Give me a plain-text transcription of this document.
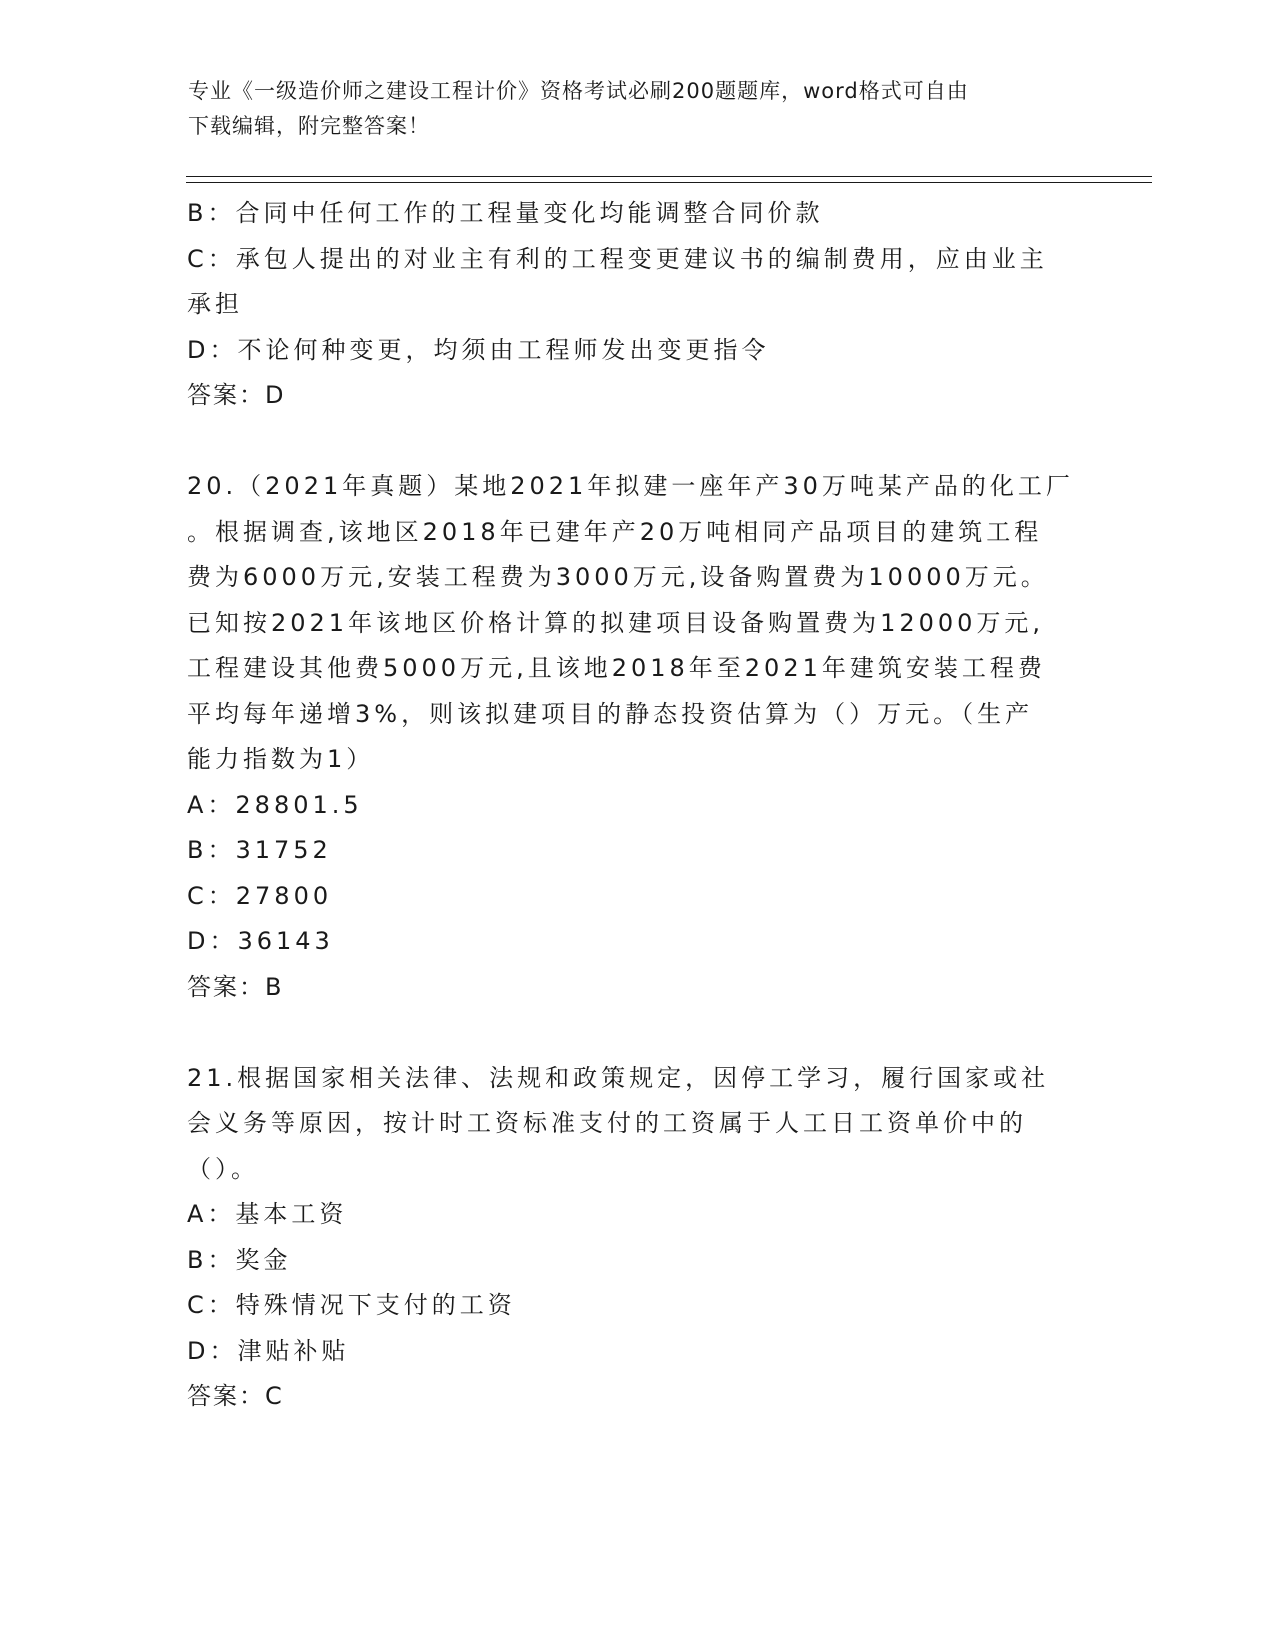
专业《一级造价师之建设工程计价》资格考试必刷200题题库，word格式可自由
下载编辑，附完整答案！

B：合同中任何工作的工程量变化均能调整合同价款

C：承包人提出的对业主有利的工程变更建议书的编制费用，应由业主

承担

D：不论何种变更，均须由工程师发出变更指令

答案：D

20.（2021年真题）某地2021年拟建一座年产30万吨某产品的化工厂

。根据调查,该地区2018年已建年产20万吨相同产品项目的建筑工程

费为6000万元,安装工程费为3000万元,设备购置费为10000万元。

已知按2021年该地区价格计算的拟建项目设备购置费为12000万元,

工程建设其他费5000万元,且该地2018年至2021年建筑安装工程费

平均每年递增3%，则该拟建项目的静态投资估算为（）万元。（生产

能力指数为1）

A：28801.5

B：31752

C：27800

D：36143

答案：B

21.根据国家相关法律、法规和政策规定，因停工学习，履行国家或社

会义务等原因，按计时工资标准支付的工资属于人工日工资单价中的

（）。

A：基本工资

B：奖金

C：特殊情况下支付的工资

D：津贴补贴

答案：C
